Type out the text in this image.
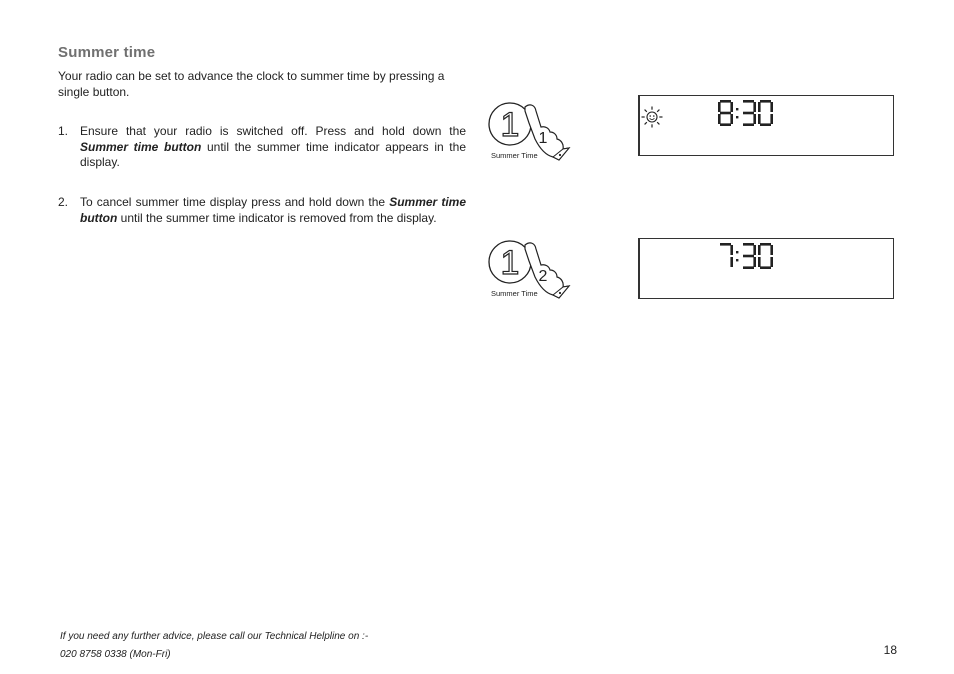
Summer time

Your radio can be set to advance the clock to summer time by pressing a single button.

1. Ensure that your radio is switched off. Press and hold down the Summer time button until the summer time indicator appears in the display.
2. To cancel summer time display press and hold down the Summer time button until the summer time indicator is removed from the display.
1 1
Summer Time
1 2
Summer Time
If you need any further advice, please call our Technical Helpline on :-
020 8758 0338 (Mon-Fri)	18
